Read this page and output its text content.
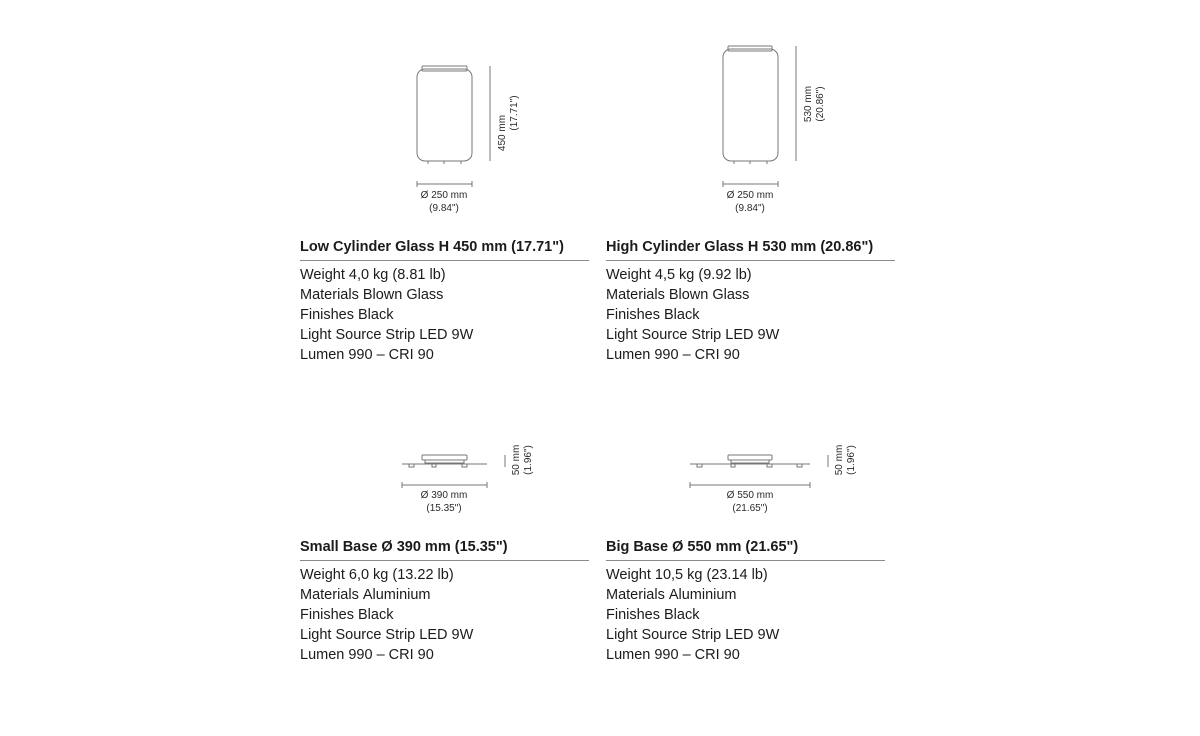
450 mm
(17.71")
Ø 250 mm
(9.84")
530 mm (20.86")
Ø 250 mm
(9.84")
50 mm (1.96")
Ø 390 mm
(15.35")
50 mm (1.96")
Ø 550 mm
(21.65")
Low Cylinder Glass H 450 mm (17.71")
Weight 4,0 kg (8.81 lb)
Materials Blown Glass
Finishes Black
Light Source Strip LED 9W
Lumen 990 – CRI 90
High Cylinder Glass H 530 mm (20.86")
Weight 4,5 kg (9.92 lb)
Materials Blown Glass
Finishes Black
Light Source Strip LED 9W
Lumen 990 – CRI 90
Small Base Ø 390 mm (15.35")
Weight 6,0 kg (13.22 lb)
Materials Aluminium
Finishes Black
Light Source Strip LED 9W
Lumen 990 – CRI 90
Big Base Ø 550 mm (21.65")
Weight 10,5 kg (23.14 lb)
Materials Aluminium
Finishes Black
Light Source Strip LED 9W
Lumen 990 – CRI 90
